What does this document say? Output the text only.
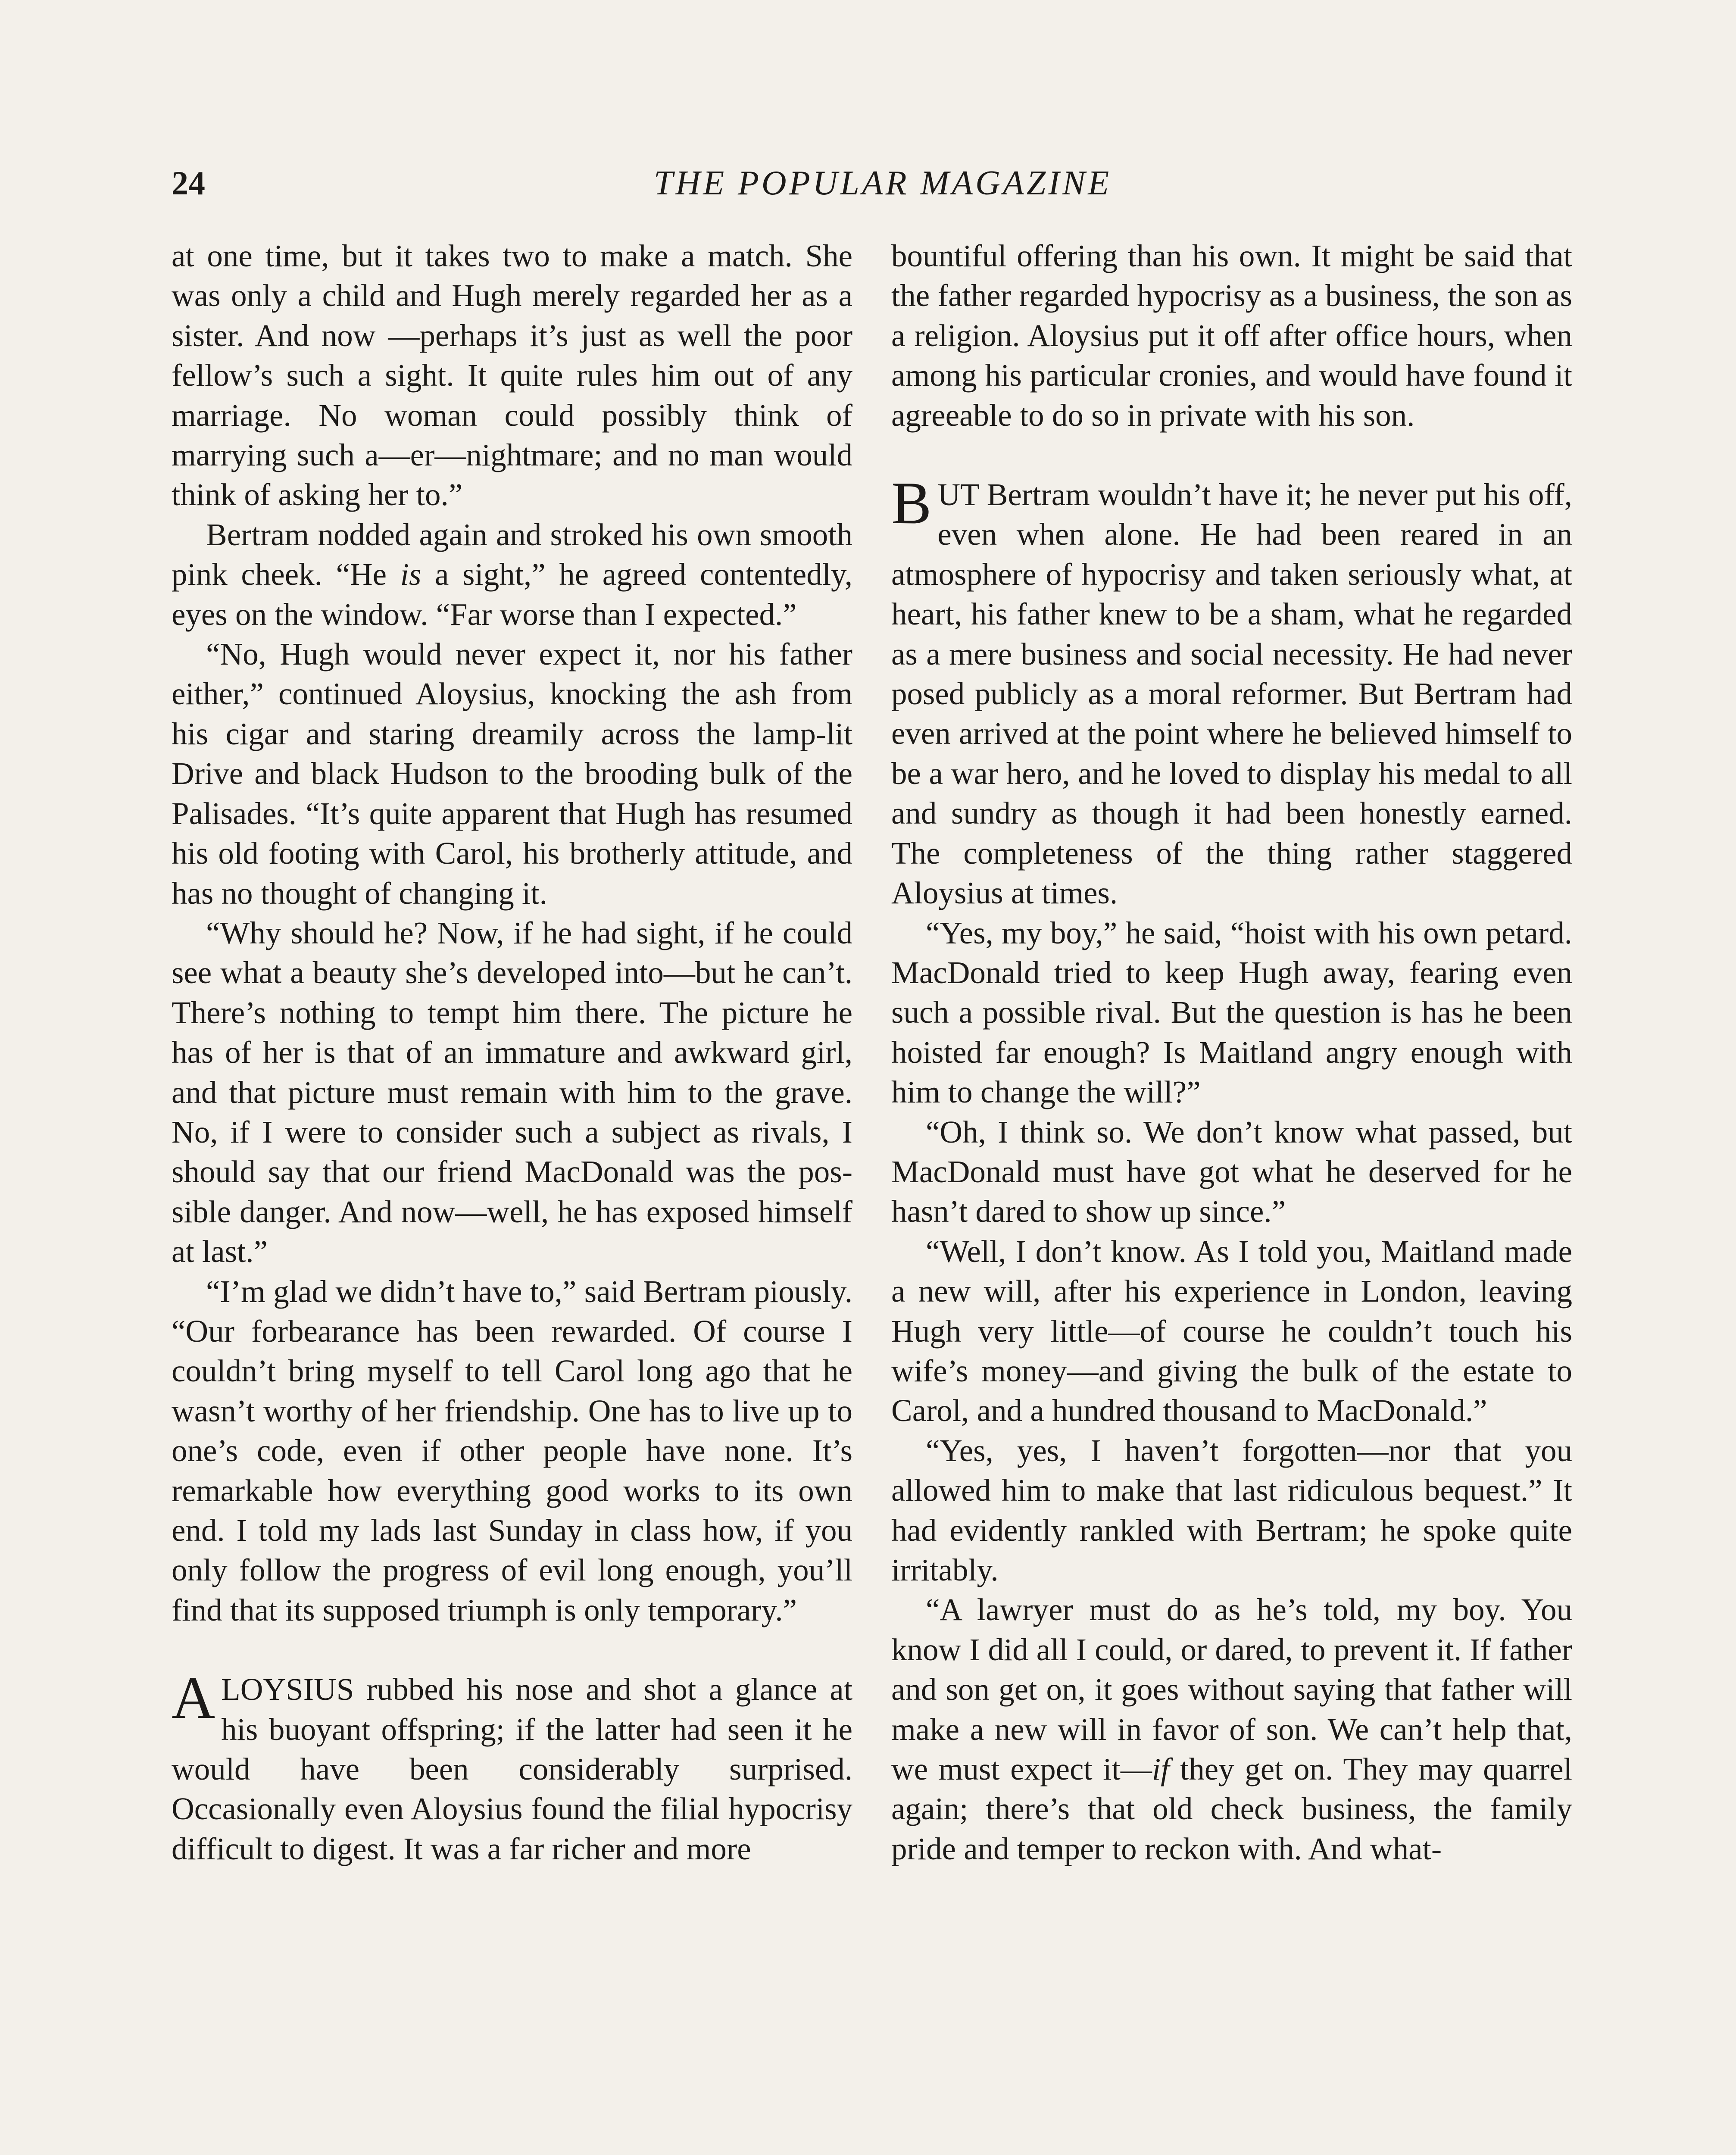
24	THE POPULAR MAGAZINE

at one time, but it takes two to make a match. She was only a child and Hugh merely regarded her as a sister. And now —perhaps it’s just as well the poor fellow’s such a sight. It quite rules him out of any marriage. No woman could possibly think of marrying such a—er—nightmare; and no man would think of asking her to.”

Bertram nodded again and stroked his own smooth pink cheek. “He is a sight,” he agreed contentedly, eyes on the window. “Far worse than I expected.”

“No, Hugh would never expect it, nor his father either,” continued Aloysius, knocking the ash from his cigar and staring dreamily across the lamp-lit Drive and black Hudson to the brooding bulk of the Palisades. “It’s quite apparent that Hugh has resumed his old footing with Carol, his brotherly attitude, and has no thought of changing it.

“Why should he? Now, if he had sight, if he could see what a beauty she’s developed into—but he can’t. There’s nothing to tempt him there. The picture he has of her is that of an immature and awkward girl, and that picture must remain with him to the grave. No, if I were to consider such a subject as rivals, I should say that our friend MacDonald was the possible danger. And now—well, he has exposed himself at last.”

“I’m glad we didn’t have to,” said Bertram piously. “Our forbearance has been rewarded. Of course I couldn’t bring myself to tell Carol long ago that he wasn’t worthy of her friendship. One has to live up to one’s code, even if other people have none. It’s remarkable how everything good works to its own end. I told my lads last Sunday in class how, if you only follow the progress of evil long enough, you’ll find that its supposed triumph is only temporary.”

ALOYSIUS rubbed his nose and shot a glance at his buoyant offspring; if the latter had seen it he would have been considerably surprised. Occasionally even Aloysius found the filial hypocrisy difficult to digest. It was a far richer and more

bountiful offering than his own. It might be said that the father regarded hypocrisy as a business, the son as a religion. Aloysius put it off after office hours, when among his particular cronies, and would have found it agreeable to do so in private with his son.

BUT Bertram wouldn’t have it; he never put his off, even when alone. He had been reared in an atmosphere of hypocrisy and taken seriously what, at heart, his father knew to be a sham, what he regarded as a mere business and social necessity. He had never posed publicly as a moral reformer. But Bertram had even arrived at the point where he believed himself to be a war hero, and he loved to display his medal to all and sundry as though it had been honestly earned. The completeness of the thing rather staggered Aloysius at times.

“Yes, my boy,” he said, “hoist with his own petard. MacDonald tried to keep Hugh away, fearing even such a possible rival. But the question is has he been hoisted far enough? Is Maitland angry enough with him to change the will?”

“Oh, I think so. We don’t know what passed, but MacDonald must have got what he deserved for he hasn’t dared to show up since.”

“Well, I don’t know. As I told you, Maitland made a new will, after his experience in London, leaving Hugh very little—of course he couldn’t touch his wife’s money—and giving the bulk of the estate to Carol, and a hundred thousand to MacDonald.”

“Yes, yes, I haven’t forgotten—nor that you allowed him to make that last ridiculous bequest.” It had evidently rankled with Bertram; he spoke quite irritably.

“A lawryer must do as he’s told, my boy. You know I did all I could, or dared, to prevent it. If father and son get on, it goes without saying that father will make a new will in favor of son. We can’t help that, we must expect it—if they get on. They may quarrel again; there’s that old check business, the family pride and temper to reckon with. And what-
